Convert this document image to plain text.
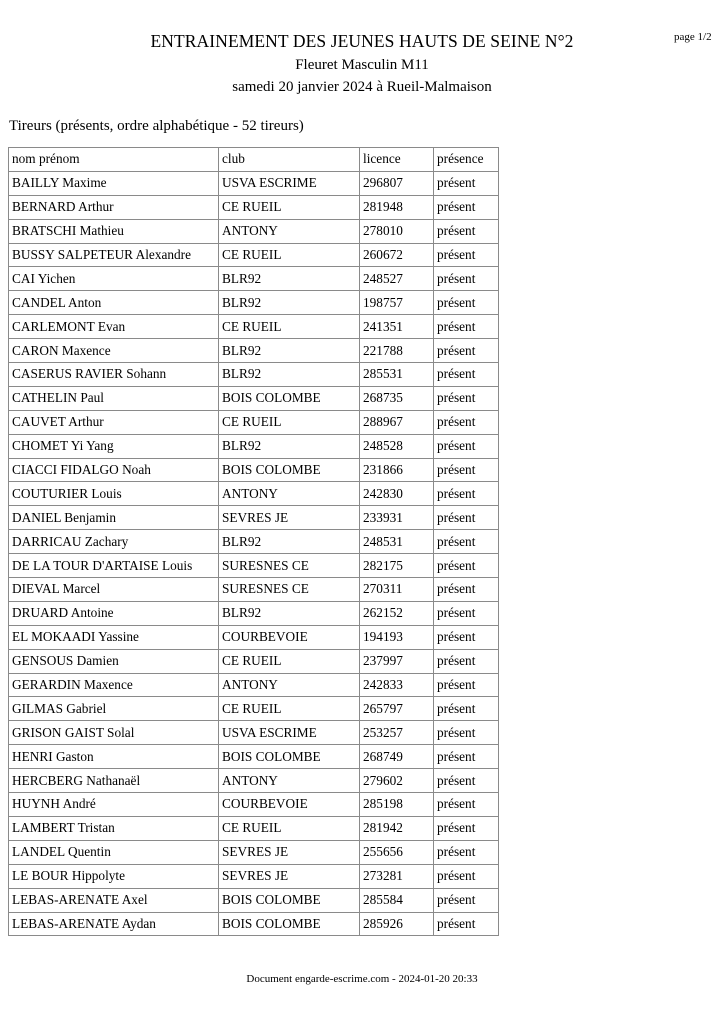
page 1/2
ENTRAINEMENT DES JEUNES HAUTS DE SEINE N°2
Fleuret Masculin M11
samedi 20 janvier 2024 à Rueil-Malmaison
Tireurs (présents, ordre alphabétique - 52 tireurs)
nom prénom	club	licence	présence
BAILLY Maxime	USVA ESCRIME	296807	présent
BERNARD Arthur	CE RUEIL	281948	présent
BRATSCHI Mathieu	ANTONY	278010	présent
BUSSY SALPETEUR Alexandre	CE RUEIL	260672	présent
CAI Yichen	BLR92	248527	présent
CANDEL Anton	BLR92	198757	présent
CARLEMONT Evan	CE RUEIL	241351	présent
CARON Maxence	BLR92	221788	présent
CASERUS RAVIER Sohann	BLR92	285531	présent
CATHELIN Paul	BOIS COLOMBE	268735	présent
CAUVET Arthur	CE RUEIL	288967	présent
CHOMET Yi Yang	BLR92	248528	présent
CIACCI FIDALGO Noah	BOIS COLOMBE	231866	présent
COUTURIER Louis	ANTONY	242830	présent
DANIEL Benjamin	SEVRES JE	233931	présent
DARRICAU Zachary	BLR92	248531	présent
DE LA TOUR D'ARTAISE Louis	SURESNES CE	282175	présent
DIEVAL Marcel	SURESNES CE	270311	présent
DRUARD Antoine	BLR92	262152	présent
EL MOKAADI Yassine	COURBEVOIE	194193	présent
GENSOUS Damien	CE RUEIL	237997	présent
GERARDIN Maxence	ANTONY	242833	présent
GILMAS Gabriel	CE RUEIL	265797	présent
GRISON GAIST Solal	USVA ESCRIME	253257	présent
HENRI Gaston	BOIS COLOMBE	268749	présent
HERCBERG Nathanaël	ANTONY	279602	présent
HUYNH André	COURBEVOIE	285198	présent
LAMBERT Tristan	CE RUEIL	281942	présent
LANDEL Quentin	SEVRES JE	255656	présent
LE BOUR Hippolyte	SEVRES JE	273281	présent
LEBAS-ARENATE Axel	BOIS COLOMBE	285584	présent
LEBAS-ARENATE Aydan	BOIS COLOMBE	285926	présent
Document engarde-escrime.com - 2024-01-20 20:33
